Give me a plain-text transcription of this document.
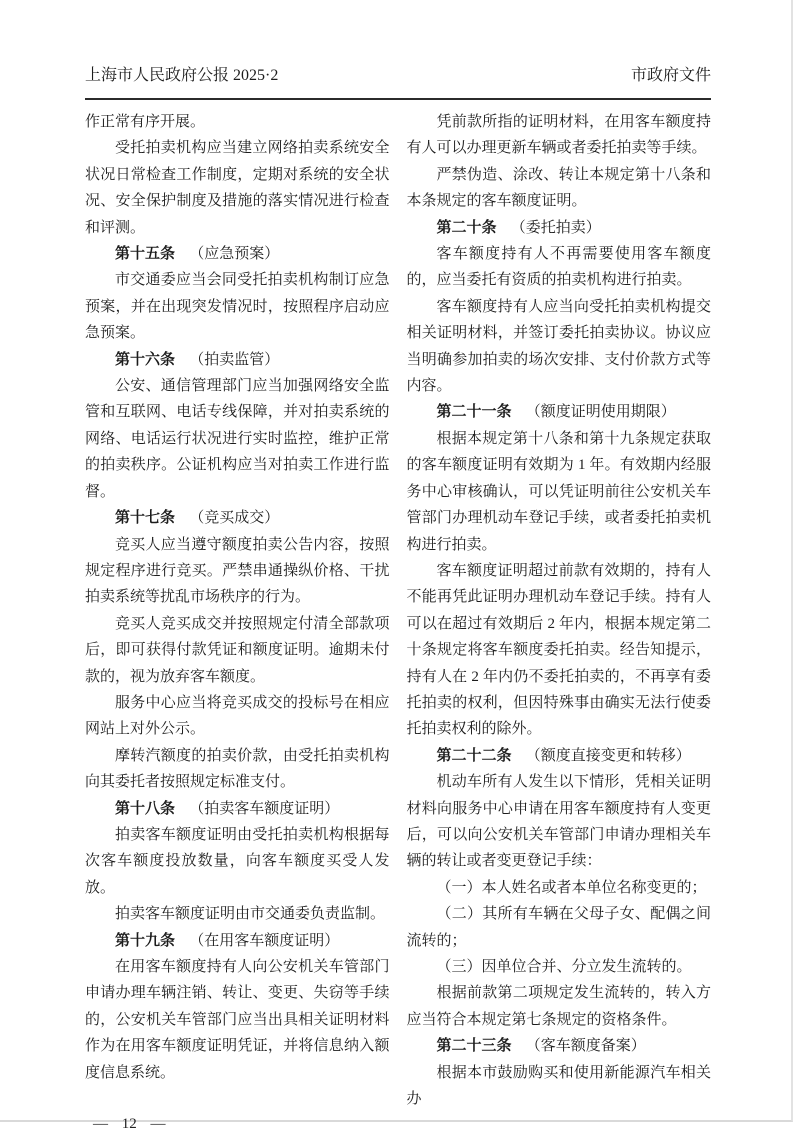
上海市人民政府公报 2025·2	市政府文件

作正常有序开展。

受托拍卖机构应当建立网络拍卖系统安全状况日常检查工作制度，定期对系统的安全状况、安全保护制度及措施的落实情况进行检查和评测。

第十五条 （应急预案）

市交通委应当会同受托拍卖机构制订应急预案，并在出现突发情况时，按照程序启动应急预案。

第十六条 （拍卖监管）

公安、通信管理部门应当加强网络安全监管和互联网、电话专线保障，并对拍卖系统的网络、电话运行状况进行实时监控，维护正常的拍卖秩序。公证机构应当对拍卖工作进行监督。

第十七条 （竞买成交）

竞买人应当遵守额度拍卖公告内容，按照规定程序进行竞买。严禁串通操纵价格、干扰拍卖系统等扰乱市场秩序的行为。

竞买人竞买成交并按照规定付清全部款项后，即可获得付款凭证和额度证明。逾期未付款的，视为放弃客车额度。

服务中心应当将竞买成交的投标号在相应网站上对外公示。

摩转汽额度的拍卖价款，由受托拍卖机构向其委托者按照规定标准支付。

第十八条 （拍卖客车额度证明）

拍卖客车额度证明由受托拍卖机构根据每次客车额度投放数量，向客车额度买受人发放。

拍卖客车额度证明由市交通委负责监制。

第十九条 （在用客车额度证明）

在用客车额度持有人向公安机关车管部门申请办理车辆注销、转让、变更、失窃等手续的，公安机关车管部门应当出具相关证明材料作为在用客车额度证明凭证，并将信息纳入额度信息系统。

凭前款所指的证明材料，在用客车额度持有人可以办理更新车辆或者委托拍卖等手续。

严禁伪造、涂改、转让本规定第十八条和本条规定的客车额度证明。

第二十条 （委托拍卖）

客车额度持有人不再需要使用客车额度的，应当委托有资质的拍卖机构进行拍卖。

客车额度持有人应当向受托拍卖机构提交相关证明材料，并签订委托拍卖协议。协议应当明确参加拍卖的场次安排、支付价款方式等内容。

第二十一条 （额度证明使用期限）

根据本规定第十八条和第十九条规定获取的客车额度证明有效期为 1 年。有效期内经服务中心审核确认，可以凭证明前往公安机关车管部门办理机动车登记手续，或者委托拍卖机构进行拍卖。

客车额度证明超过前款有效期的，持有人不能再凭此证明办理机动车登记手续。持有人可以在超过有效期后 2 年内，根据本规定第二十条规定将客车额度委托拍卖。经告知提示，持有人在 2 年内仍不委托拍卖的，不再享有委托拍卖的权利，但因特殊事由确实无法行使委托拍卖权利的除外。

第二十二条 （额度直接变更和转移）

机动车所有人发生以下情形，凭相关证明材料向服务中心申请在用客车额度持有人变更后，可以向公安机关车管部门申请办理相关车辆的转让或者变更登记手续：

（一）本人姓名或者本单位名称变更的；

（二）其所有车辆在父母子女、配偶之间流转的；

（三）因单位合并、分立发生流转的。

根据前款第二项规定发生流转的，转入方应当符合本规定第七条规定的资格条件。

第二十三条 （客车额度备案）

根据本市鼓励购买和使用新能源汽车相关办

— 12 —
